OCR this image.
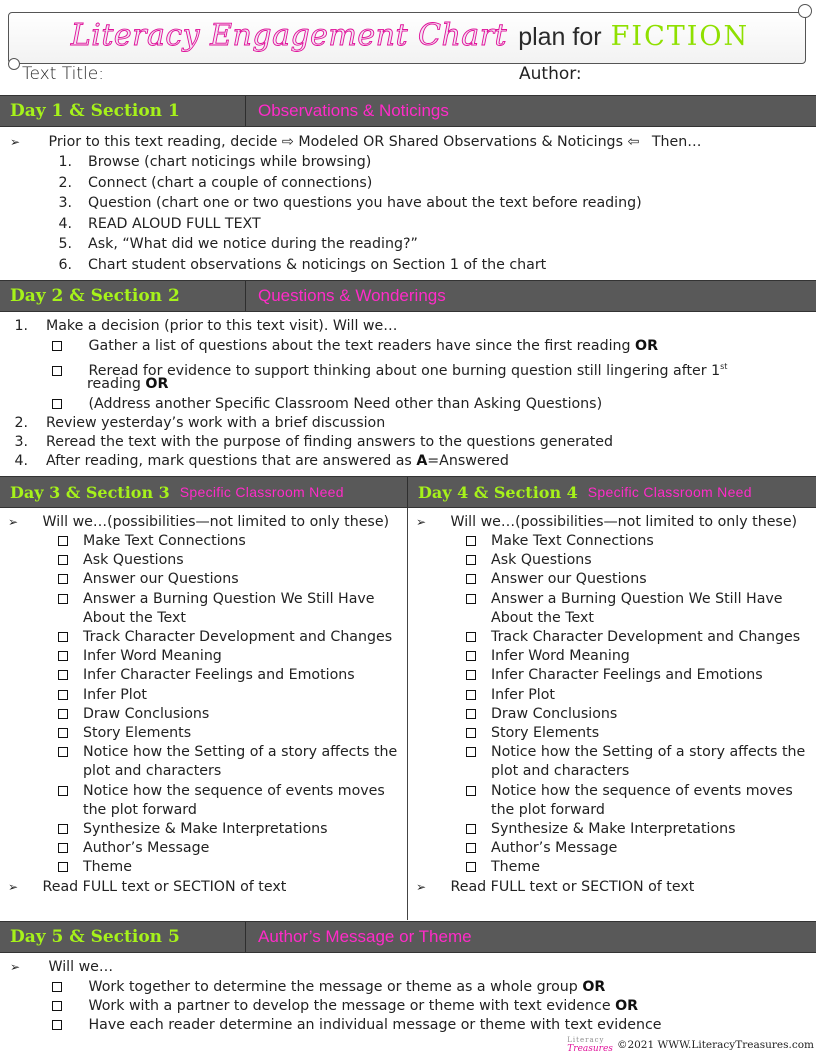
Literacy Engagement Chart plan for FICTION
Text Title:	Author:
Day 1 & Section 1	Observations & Noticings
➢ Prior to this text reading, decide ⇨ Modeled OR Shared Observations & Noticings ⇦ Then…
1. Browse (chart noticings while browsing)
2. Connect (chart a couple of connections)
3. Question (chart one or two questions you have about the text before reading)
4. READ ALOUD FULL TEXT
5. Ask, “What did we notice during the reading?”
6. Chart student observations & noticings on Section 1 of the chart
Day 2 & Section 2	Questions & Wonderings
1. Make a decision (prior to this text visit). Will we…
Gather a list of questions about the text readers have since the first reading OR
Reread for evidence to support thinking about one burning question still lingering after 1st
reading OR
(Address another Specific Classroom Need other than Asking Questions)
2. Review yesterday’s work with a brief discussion
3. Reread the text with the purpose of finding answers to the questions generated
4. After reading, mark questions that are answered as A=Answered
Day 3 & Section 3 Specific Classroom Need	Day 4 & Section 4 Specific Classroom Need
➢ Will we…(possibilities—not limited to only these)
Make Text Connections
Ask Questions
Answer our Questions
Answer a Burning Question We Still Have About the Text
Track Character Development and Changes
Infer Word Meaning
Infer Character Feelings and Emotions
Infer Plot
Draw Conclusions
Story Elements
Notice how the Setting of a story affects the plot and characters
Notice how the sequence of events moves the plot forward
Synthesize & Make Interpretations
Author’s Message
Theme
➢ Read FULL text or SECTION of text
➢ Will we…(possibilities—not limited to only these)
Make Text Connections
Ask Questions
Answer our Questions
Answer a Burning Question We Still Have About the Text
Track Character Development and Changes
Infer Word Meaning
Infer Character Feelings and Emotions
Infer Plot
Draw Conclusions
Story Elements
Notice how the Setting of a story affects the plot and characters
Notice how the sequence of events moves the plot forward
Synthesize & Make Interpretations
Author’s Message
Theme
➢ Read FULL text or SECTION of text
Day 5 & Section 5	Author’s Message or Theme
➢ Will we…
Work together to determine the message or theme as a whole group OR
Work with a partner to develop the message or theme with text evidence OR
Have each reader determine an individual message or theme with text evidence
Literacy
Treasures ©2021 WWW.LiteracyTreasures.com
